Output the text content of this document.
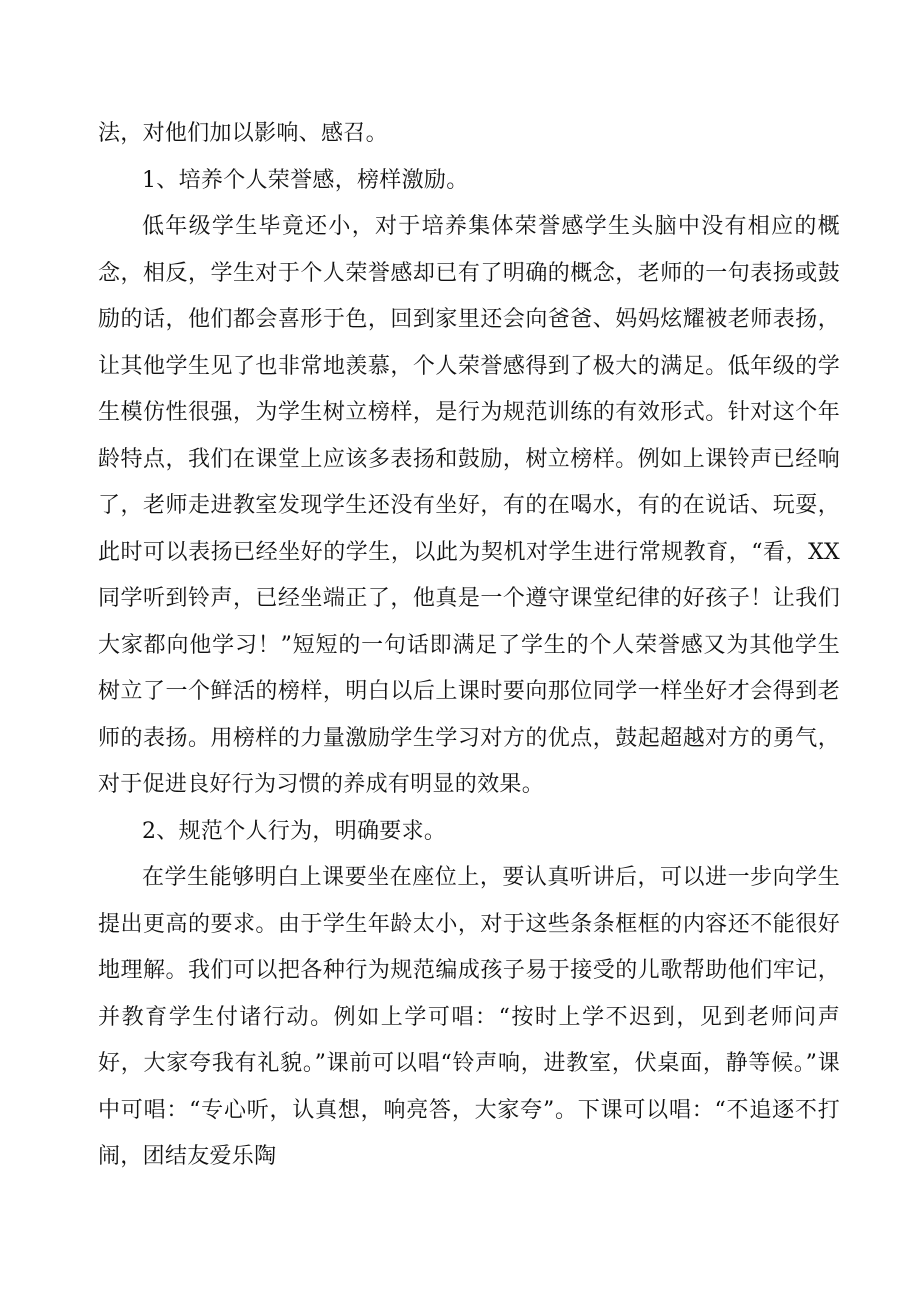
法，对他们加以影响、感召。

1、培养个人荣誉感，榜样激励。

低年级学生毕竟还小，对于培养集体荣誉感学生头脑中没有相应的概念，相反，学生对于个人荣誉感却已有了明确的概念，老师的一句表扬或鼓励的话，他们都会喜形于色，回到家里还会向爸爸、妈妈炫耀被老师表扬，让其他学生见了也非常地羡慕，个人荣誉感得到了极大的满足。低年级的学生模仿性很强，为学生树立榜样，是行为规范训练的有效形式。针对这个年龄特点，我们在课堂上应该多表扬和鼓励，树立榜样。例如上课铃声已经响了，老师走进教室发现学生还没有坐好，有的在喝水，有的在说话、玩耍，此时可以表扬已经坐好的学生，以此为契机对学生进行常规教育，“看，XX同学听到铃声，已经坐端正了，他真是一个遵守课堂纪律的好孩子！让我们大家都向他学习！”短短的一句话即满足了学生的个人荣誉感又为其他学生树立了一个鲜活的榜样，明白以后上课时要向那位同学一样坐好才会得到老师的表扬。用榜样的力量激励学生学习对方的优点，鼓起超越对方的勇气，对于促进良好行为习惯的养成有明显的效果。

2、规范个人行为，明确要求。

在学生能够明白上课要坐在座位上，要认真听讲后，可以进一步向学生提出更高的要求。由于学生年龄太小，对于这些条条框框的内容还不能很好地理解。我们可以把各种行为规范编成孩子易于接受的儿歌帮助他们牢记，并教育学生付诸行动。例如上学可唱：“按时上学不迟到，见到老师问声好，大家夸我有礼貌。”课前可以唱“铃声响，进教室，伏桌面，静等候。”课中可唱：“专心听，认真想，响亮答，大家夸”。下课可以唱：“不追逐不打闹，团结友爱乐陶
